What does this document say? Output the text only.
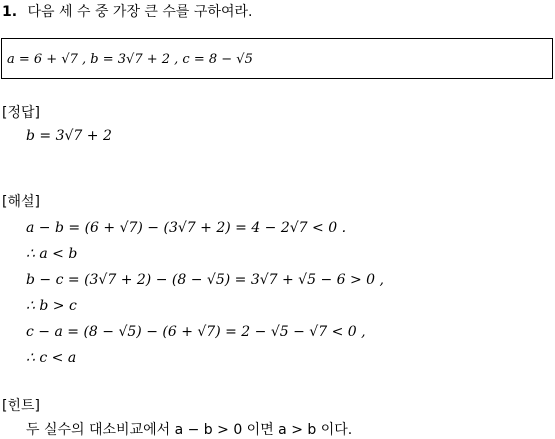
1. 다음 세 수 중 가장 큰 수를 구하여라.
a = 6 + √7 , b = 3√7 + 2 , c = 8 − √5
[정답]
b = 3√7 + 2
[해설]
a − b = (6 + √7) − (3√7 + 2) = 4 − 2√7 < 0 .
∴ a < b
b − c = (3√7 + 2) − (8 − √5) = 3√7 + √5 − 6 > 0 ,
∴ b > c
c − a = (8 − √5) − (6 + √7) = 2 − √5 − √7 < 0 ,
∴ c < a
[힌트]
두 실수의 대소비교에서 a − b > 0 이면 a > b 이다.
